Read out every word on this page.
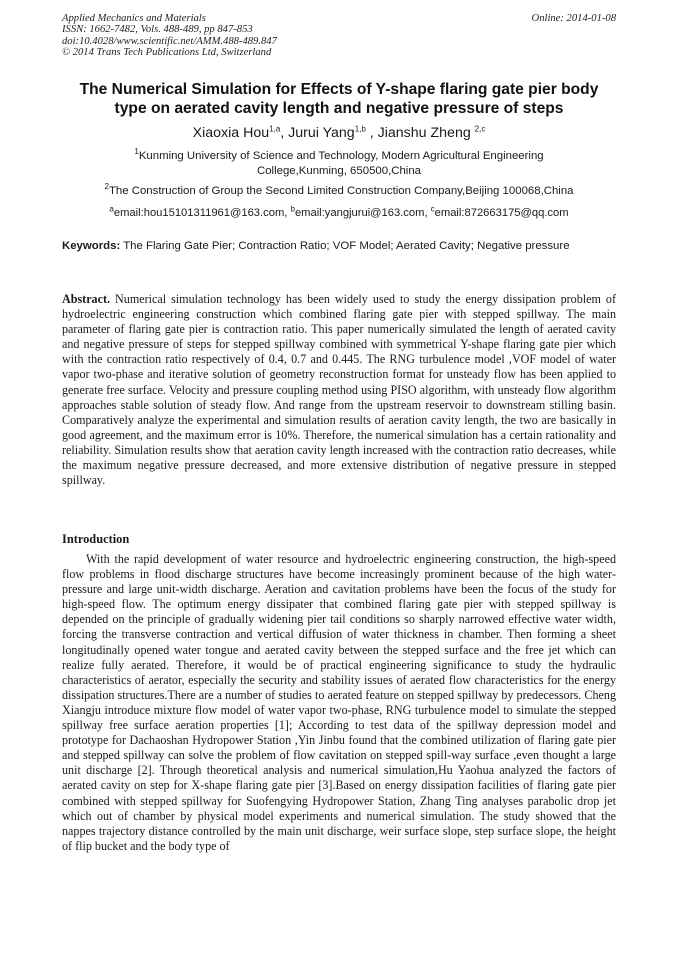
Applied Mechanics and Materials
ISSN: 1662-7482, Vols. 488-489, pp 847-853
doi:10.4028/www.scientific.net/AMM.488-489.847
© 2014 Trans Tech Publications Ltd, Switzerland
Online: 2014-01-08
The Numerical Simulation for Effects of Y-shape flaring gate pier body
type on aerated cavity length and negative pressure of steps
Xiaoxia Hou$^{1,a}$, Jurui Yang$^{1,b}$ , Jianshu Zheng $^{2,c}$
$^1$Kunming University of Science and Technology, Modern Agricultural Engineering
College,Kunming, 650500,China
$^2$The Construction of Group the Second Limited Construction Company,Beijing 100068,China
$^a$email:hou15101311961@163.com, $^b$email:yangjurui@163.com, $^c$email:872663175@qq.com
Keywords: The Flaring Gate Pier; Contraction Ratio; VOF Model; Aerated Cavity; Negative pressure
Abstract. Numerical simulation technology has been widely used to study the energy dissipation problem of hydroelectric engineering construction which combined flaring gate pier with stepped spillway. The main parameter of flaring gate pier is contraction ratio. This paper numerically simulated the length of aerated cavity and negative pressure of steps for stepped spillway combined with symmetrical Y-shape flaring gate pier which with the contraction ratio respectively of 0.4, 0.7 and 0.445. The RNG turbulence model ,VOF model of water vapor two-phase and iterative solution of geometry reconstruction format for unsteady flow has been applied to generate free surface. Velocity and pressure coupling method using PISO algorithm, with unsteady flow algorithm approaches stable solution of steady flow. And range from the upstream reservoir to downstream stilling basin. Comparatively analyze the experimental and simulation results of aeration cavity length, the two are basically in good agreement, and the maximum error is 10%. Therefore, the numerical simulation has a certain rationality and reliability. Simulation results show that aeration cavity length increased with the contraction ratio decreases, while the maximum negative pressure decreased, and more extensive distribution of negative pressure in stepped spillway.
Introduction

With the rapid development of water resource and hydroelectric engineering construction, the high-speed flow problems in flood discharge structures have become increasingly prominent because of the high water-pressure and large unit-width discharge. Aeration and cavitation problems have been the focus of the study for high-speed flow. The optimum energy dissipater that combined flaring gate pier with stepped spillway is depended on the principle of gradually widening pier tail conditions so sharply narrowed effective water width, forcing the transverse contraction and vertical diffusion of water thickness in chamber. Then forming a sheet longitudinally opened water tongue and aerated cavity between the stepped surface and the free jet which can realize fully aerated. Therefore, it would be of practical engineering significance to study the hydraulic characteristics of aerator, especially the security and stability issues of aerated flow characteristics for the energy dissipation structures.There are a number of studies to aerated feature on stepped spillway by predecessors. Cheng Xiangju introduce mixture flow model of water vapor two-phase, RNG turbulence model to simulate the stepped spillway free surface aeration properties [1]; According to test data of the spillway depression model and prototype for Dachaoshan Hydropower Station ,Yin Jinbu found that the combined utilization of flaring gate pier and stepped spillway can solve the problem of flow cavitation on stepped spill-way surface ,even thought a large unit discharge [2]. Through theoretical analysis and numerical simulation,Hu Yaohua analyzed the factors of aerated cavity on step for X-shape flaring gate pier [3].Based on energy dissipation facilities of flaring gate pier combined with stepped spillway for Suofengying Hydropower Station, Zhang Ting analyses parabolic drop jet which out of chamber by physical model experiments and numerical simulation. The study showed that the nappes trajectory distance controlled by the main unit discharge, weir surface slope, step surface slope, the height of flip bucket and the body type of
